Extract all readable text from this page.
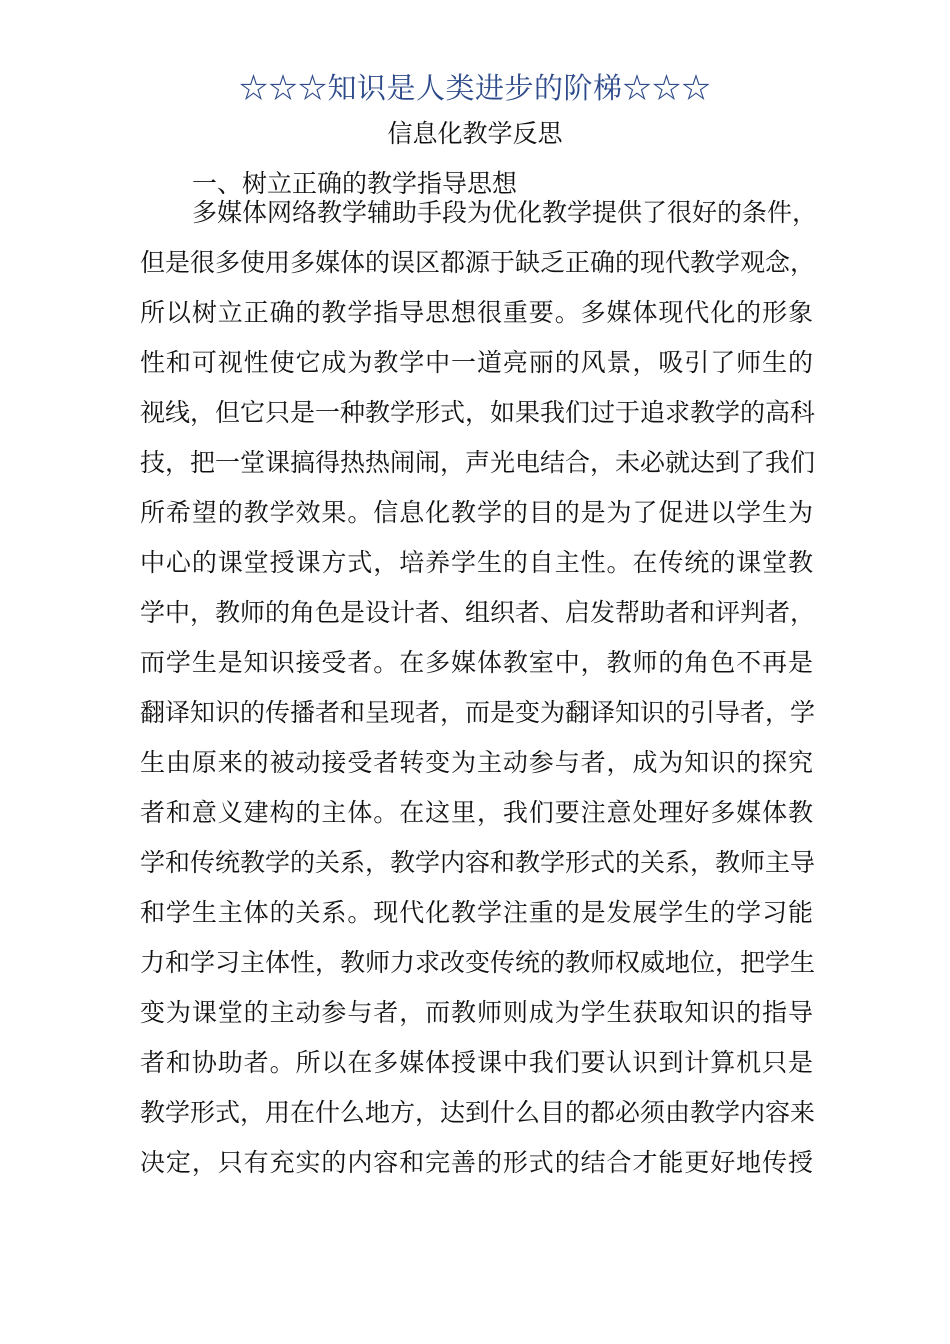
☆☆☆知识是人类进步的阶梯☆☆☆
信息化教学反思
一、树立正确的教学指导思想
多媒体网络教学辅助手段为优化教学提供了很好的条件，
但是很多使用多媒体的误区都源于缺乏正确的现代教学观念，
所以树立正确的教学指导思想很重要。多媒体现代化的形象
性和可视性使它成为教学中一道亮丽的风景，吸引了师生的
视线，但它只是一种教学形式，如果我们过于追求教学的高科
技，把一堂课搞得热热闹闹，声光电结合，未必就达到了我们
所希望的教学效果。信息化教学的目的是为了促进以学生为
中心的课堂授课方式，培养学生的自主性。在传统的课堂教
学中，教师的角色是设计者、组织者、启发帮助者和评判者，
而学生是知识接受者。在多媒体教室中，教师的角色不再是
翻译知识的传播者和呈现者，而是变为翻译知识的引导者，学
生由原来的被动接受者转变为主动参与者，成为知识的探究
者和意义建构的主体。在这里，我们要注意处理好多媒体教
学和传统教学的关系，教学内容和教学形式的关系，教师主导
和学生主体的关系。现代化教学注重的是发展学生的学习能
力和学习主体性，教师力求改变传统的教师权威地位，把学生
变为课堂的主动参与者，而教师则成为学生获取知识的指导
者和协助者。所以在多媒体授课中我们要认识到计算机只是
教学形式，用在什么地方，达到什么目的都必须由教学内容来
决定，只有充实的内容和完善的形式的结合才能更好地传授
